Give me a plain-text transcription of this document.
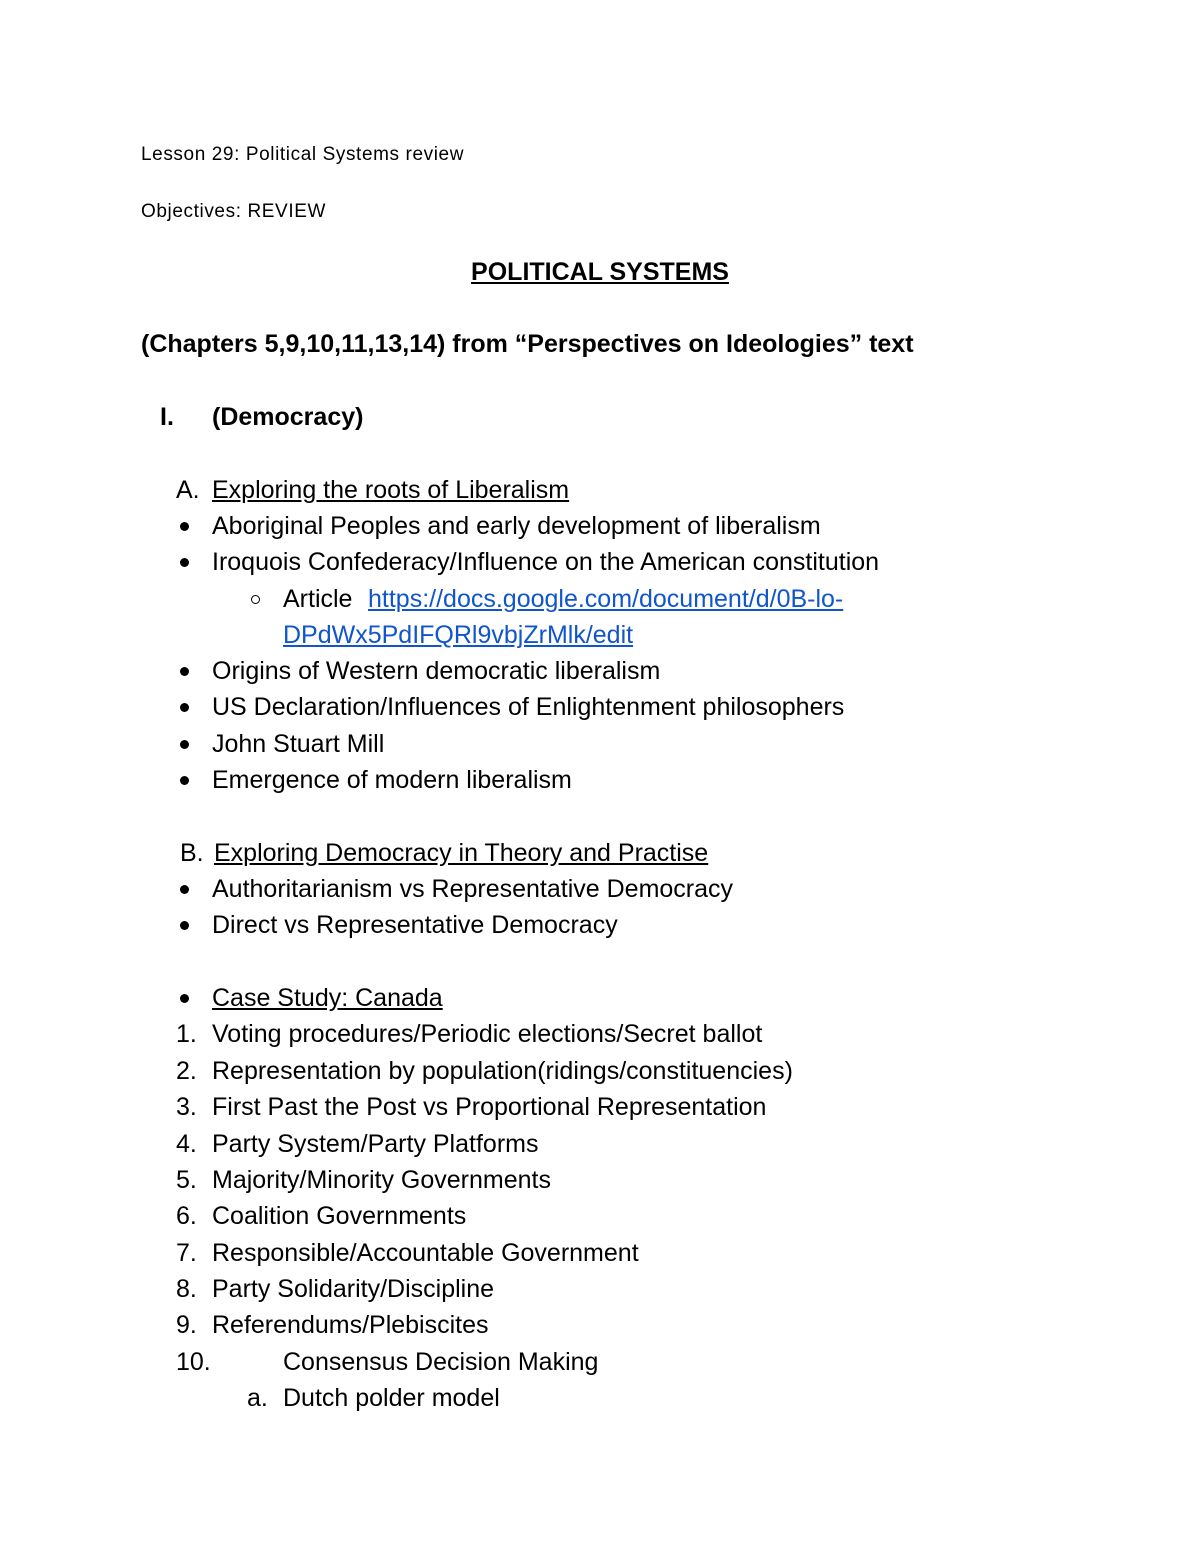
Lesson 29: Political Systems review
Objectives: REVIEW
POLITICAL SYSTEMS
(Chapters 5,9,10,11,13,14) from “Perspectives on Ideologies” text
I. (Democracy)
A. Exploring the roots of Liberalism
Aboriginal Peoples and early development of liberalism
Iroquois Confederacy/Influence on the American constitution
Article https://docs.google.com/document/d/0B-lo-
DPdWx5PdIFQRl9vbjZrMlk/edit
Origins of Western democratic liberalism
US Declaration/Influences of Enlightenment philosophers
John Stuart Mill
Emergence of modern liberalism
B. Exploring Democracy in Theory and Practise
Authoritarianism vs Representative Democracy
Direct vs Representative Democracy
Case Study: Canada
1. Voting procedures/Periodic elections/Secret ballot
2. Representation by population(ridings/constituencies)
3. First Past the Post vs Proportional Representation
4. Party System/Party Platforms
5. Majority/Minority Governments
6. Coalition Governments
7. Responsible/Accountable Government
8. Party Solidarity/Discipline
9. Referendums/Plebiscites
10.	Consensus Decision Making
a. Dutch polder model
